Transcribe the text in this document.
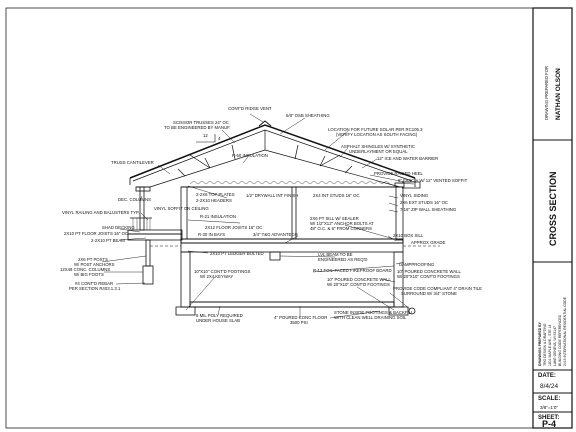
DRAWING PREPARED FOR NATHAN OLSON
CROSS SECTION
DRAWINGS PREPARED BY TRG DESIGN & DRAFTING 1801 MAPLE AVE., STE 14 LAKE GENEVA, WI 53147 BUILDING CODE REFERENCED 2015 INTERNATIONAL RESIDENTIAL CODE
DATE:
8/4/24
SCALE:
3/8"=1'0"
SHEET:
P-4
CONT'D RIDGE VENT
5/8" OSB SHEATHING
SCISSOR TRUSSES 24" OC
TO BE ENGINEERED BY MANUF.
12
4
R-60 INSULATION
LOCATION FOR FUTURE SOLAR PER RC105.3
(VERIFY LOCATION AS SOUTH FACING)
ASPHALT SHINGLES W/ SYNTHETIC
UNDERLAYMENT OR EQUAL
12" ICE AND WATER BARRIER
PROVIDE RAISED HEEL
6" FASCIA W/ 12" VENTED SOFFIT
TRUSS CANTILEVER
2-2X6 TOP PLATES
2-2X10 HEADERS
1/2" DRYWALL INT FINISH	2X4 INT STUDS 16" OC
DEC. COLUMNS
VINYL SOFFIT ON CEILING
VINYL SIDING
2X6 EXT STUDS 16" OC
7/16" ZIP WALL SHEATHING
VINYL RAILING AND BALUSTERS TYP.
R-21 INSULATION	2X6 PT SILL W/ SEALER
W/ 1/2"X12" ANCHOR BOLTS AT
48" O.C. & 6" FROM CORNERS
SHAD DECKING
2X10 PT FLOOR JOISTS 16" OC
2-2X10 PT BEAM
2X12 FLOOR JOISTS 16" OC
R-30 IN BAYS	3/4" T&G ADVANTECH	2X10 BOX SILL
APPROX GRADE
2X10 PT LEDGER BOLTED	LVL BEAM TO BE
ENGINEERED AS REQ'D
DAMPPROOFING
2X6 PT POSTS
W/ POST ANCHORS
12X48 CONC. COLUMNS
W/ BIG FOOTS
#4 CONT'D REBAR
PER SECTION R403.1.3.1
10"X10" CONT'D FOOTINGS
W/ 2X4 KEYWAY
R-13 FOIL-FACED FIREPROOF BOARD 10" POURED CONCRETE WALL
W/ 20"X10" CONT'D FOOTINGS
10" POURED CONCRETE WALL
W/ 20"X10" CONT'D FOOTINGS
PROVIDE CODE COMPLIANT 4" DRAIN TILE
SURROUND W/ 3/4" STONE
6 MIL POLY REQUIRED
UNDER HOUSE SLAB
4" POURED CONC FLOOR
3500 PSI
STONE INSIDE FOOTINGS & BACKFILL
WITH CLEAN WELL DRAINING SOIL
